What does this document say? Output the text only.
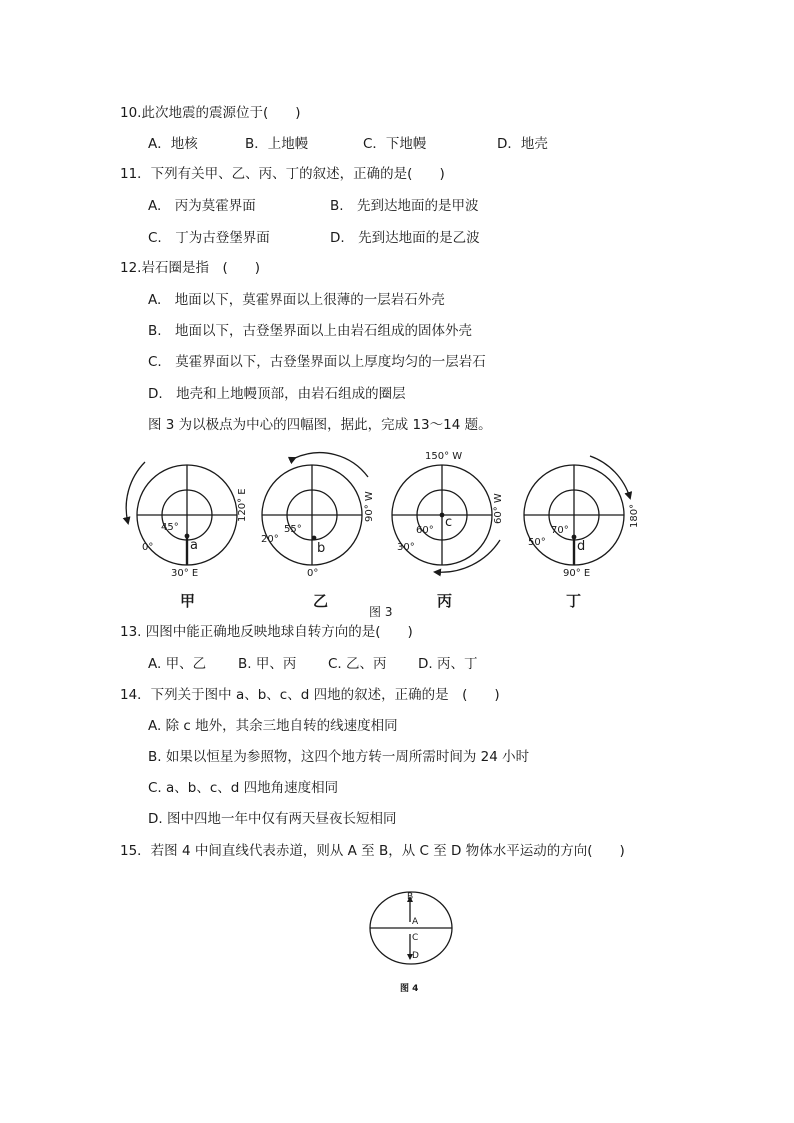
10.此次地震的震源位于(　　)
A．地核	B．上地幔	C．下地幔	D．地壳
11．下列有关甲、乙、丙、丁的叙述，正确的是(　　)
A.　丙为莫霍界面	B.　先到达地面的是甲波
C.　丁为古登堡界面	D.　先到达地面的是乙波
12.岩石圈是指　(　　)
A.　地面以下，莫霍界面以上很薄的一层岩石外壳
B.　地面以下，古登堡界面以上由岩石组成的固体外壳
C.　莫霍界面以下，古登堡界面以上厚度均匀的一层岩石
D.　地壳和上地幔顶部，由岩石组成的圈层
图 3 为以极点为中心的四幅图，据此，完成 13～14 题。
45°
a
0°
30° E
120° E
甲
55°
b
20°
0°
90° W
乙
60°
c
30°
150° W
60° W
丙
70°
d
50°
90° E
180°
丁
图 3
13. 四图中能正确地反映地球自转方向的是(　　)
A. 甲、乙 B. 甲、丙 C. 乙、丙 D. 丙、丁
14．下列关于图中 a、b、c、d 四地的叙述，正确的是　(　　)
A. 除 c 地外，其余三地自转的线速度相同
B. 如果以恒星为参照物，这四个地方转一周所需时间为 24 小时
C. a、b、c、d 四地角速度相同
D. 图中四地一年中仅有两天昼夜长短相同
15．若图 4 中间直线代表赤道，则从 A 至 B，从 C 至 D 物体水平运动的方向(　　)
B
A
C
D
图 4
